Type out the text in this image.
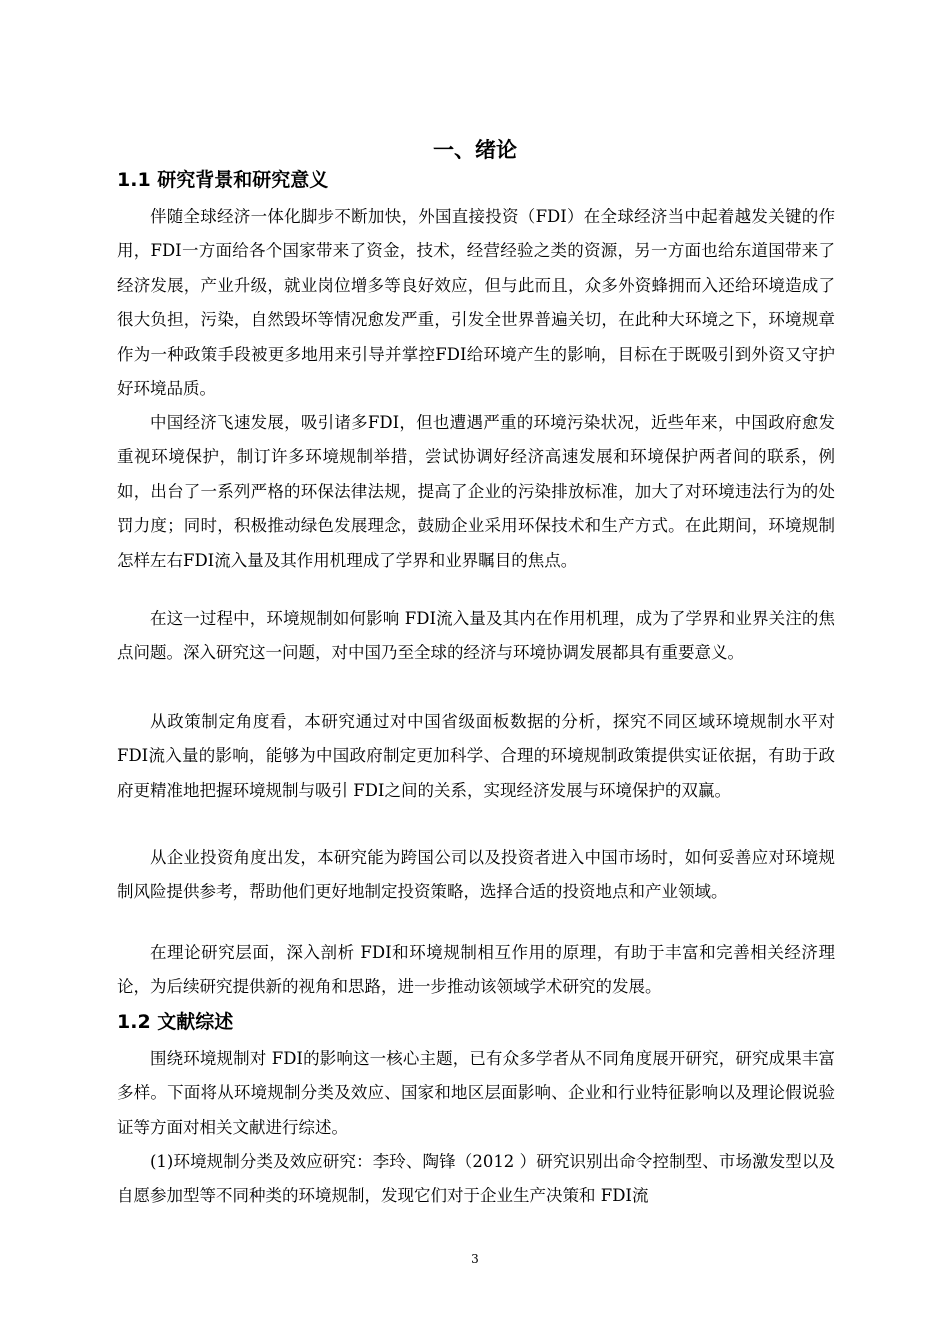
一、绪论
1.1 研究背景和研究意义

伴随全球经济一体化脚步不断加快，外国直接投资（FDI）在全球经济当中起着越发关键的作用，FDI一方面给各个国家带来了资金，技术，经营经验之类的资源，另一方面也给东道国带来了经济发展，产业升级，就业岗位增多等良好效应，但与此而且，众多外资蜂拥而入还给环境造成了很大负担，污染，自然毁坏等情况愈发严重，引发全世界普遍关切，在此种大环境之下，环境规章作为一种政策手段被更多地用来引导并掌控FDI给环境产生的影响，目标在于既吸引到外资又守护好环境品质。

中国经济飞速发展，吸引诸多FDI，但也遭遇严重的环境污染状况，近些年来，中国政府愈发重视环境保护，制订许多环境规制举措，尝试协调好经济高速发展和环境保护两者间的联系，例如，出台了一系列严格的环保法律法规，提高了企业的污染排放标准，加大了对环境违法行为的处罚力度；同时，积极推动绿色发展理念，鼓励企业采用环保技术和生产方式。在此期间，环境规制怎样左右FDI流入量及其作用机理成了学界和业界瞩目的焦点。

在这一过程中，环境规制如何影响 FDI流入量及其内在作用机理，成为了学界和业界关注的焦点问题。深入研究这一问题，对中国乃至全球的经济与环境协调发展都具有重要意义。

从政策制定角度看，本研究通过对中国省级面板数据的分析，探究不同区域环境规制水平对 FDI流入量的影响，能够为中国政府制定更加科学、合理的环境规制政策提供实证依据，有助于政府更精准地把握环境规制与吸引 FDI之间的关系，实现经济发展与环境保护的双赢。

从企业投资角度出发，本研究能为跨国公司以及投资者进入中国市场时，如何妥善应对环境规制风险提供参考，帮助他们更好地制定投资策略，选择合适的投资地点和产业领域。

在理论研究层面，深入剖析 FDI和环境规制相互作用的原理，有助于丰富和完善相关经济理论，为后续研究提供新的视角和思路，进一步推动该领域学术研究的发展。

1.2 文献综述

围绕环境规制对 FDI的影响这一核心主题，已有众多学者从不同角度展开研究，研究成果丰富多样。下面将从环境规制分类及效应、国家和地区层面影响、企业和行业特征影响以及理论假说验证等方面对相关文献进行综述。

(1)环境规制分类及效应研究：李玲、陶锋（2012 ）研究识别出命令控制型、市场激发型以及自愿参加型等不同种类的环境规制，发现它们对于企业生产决策和 FDI流

3
